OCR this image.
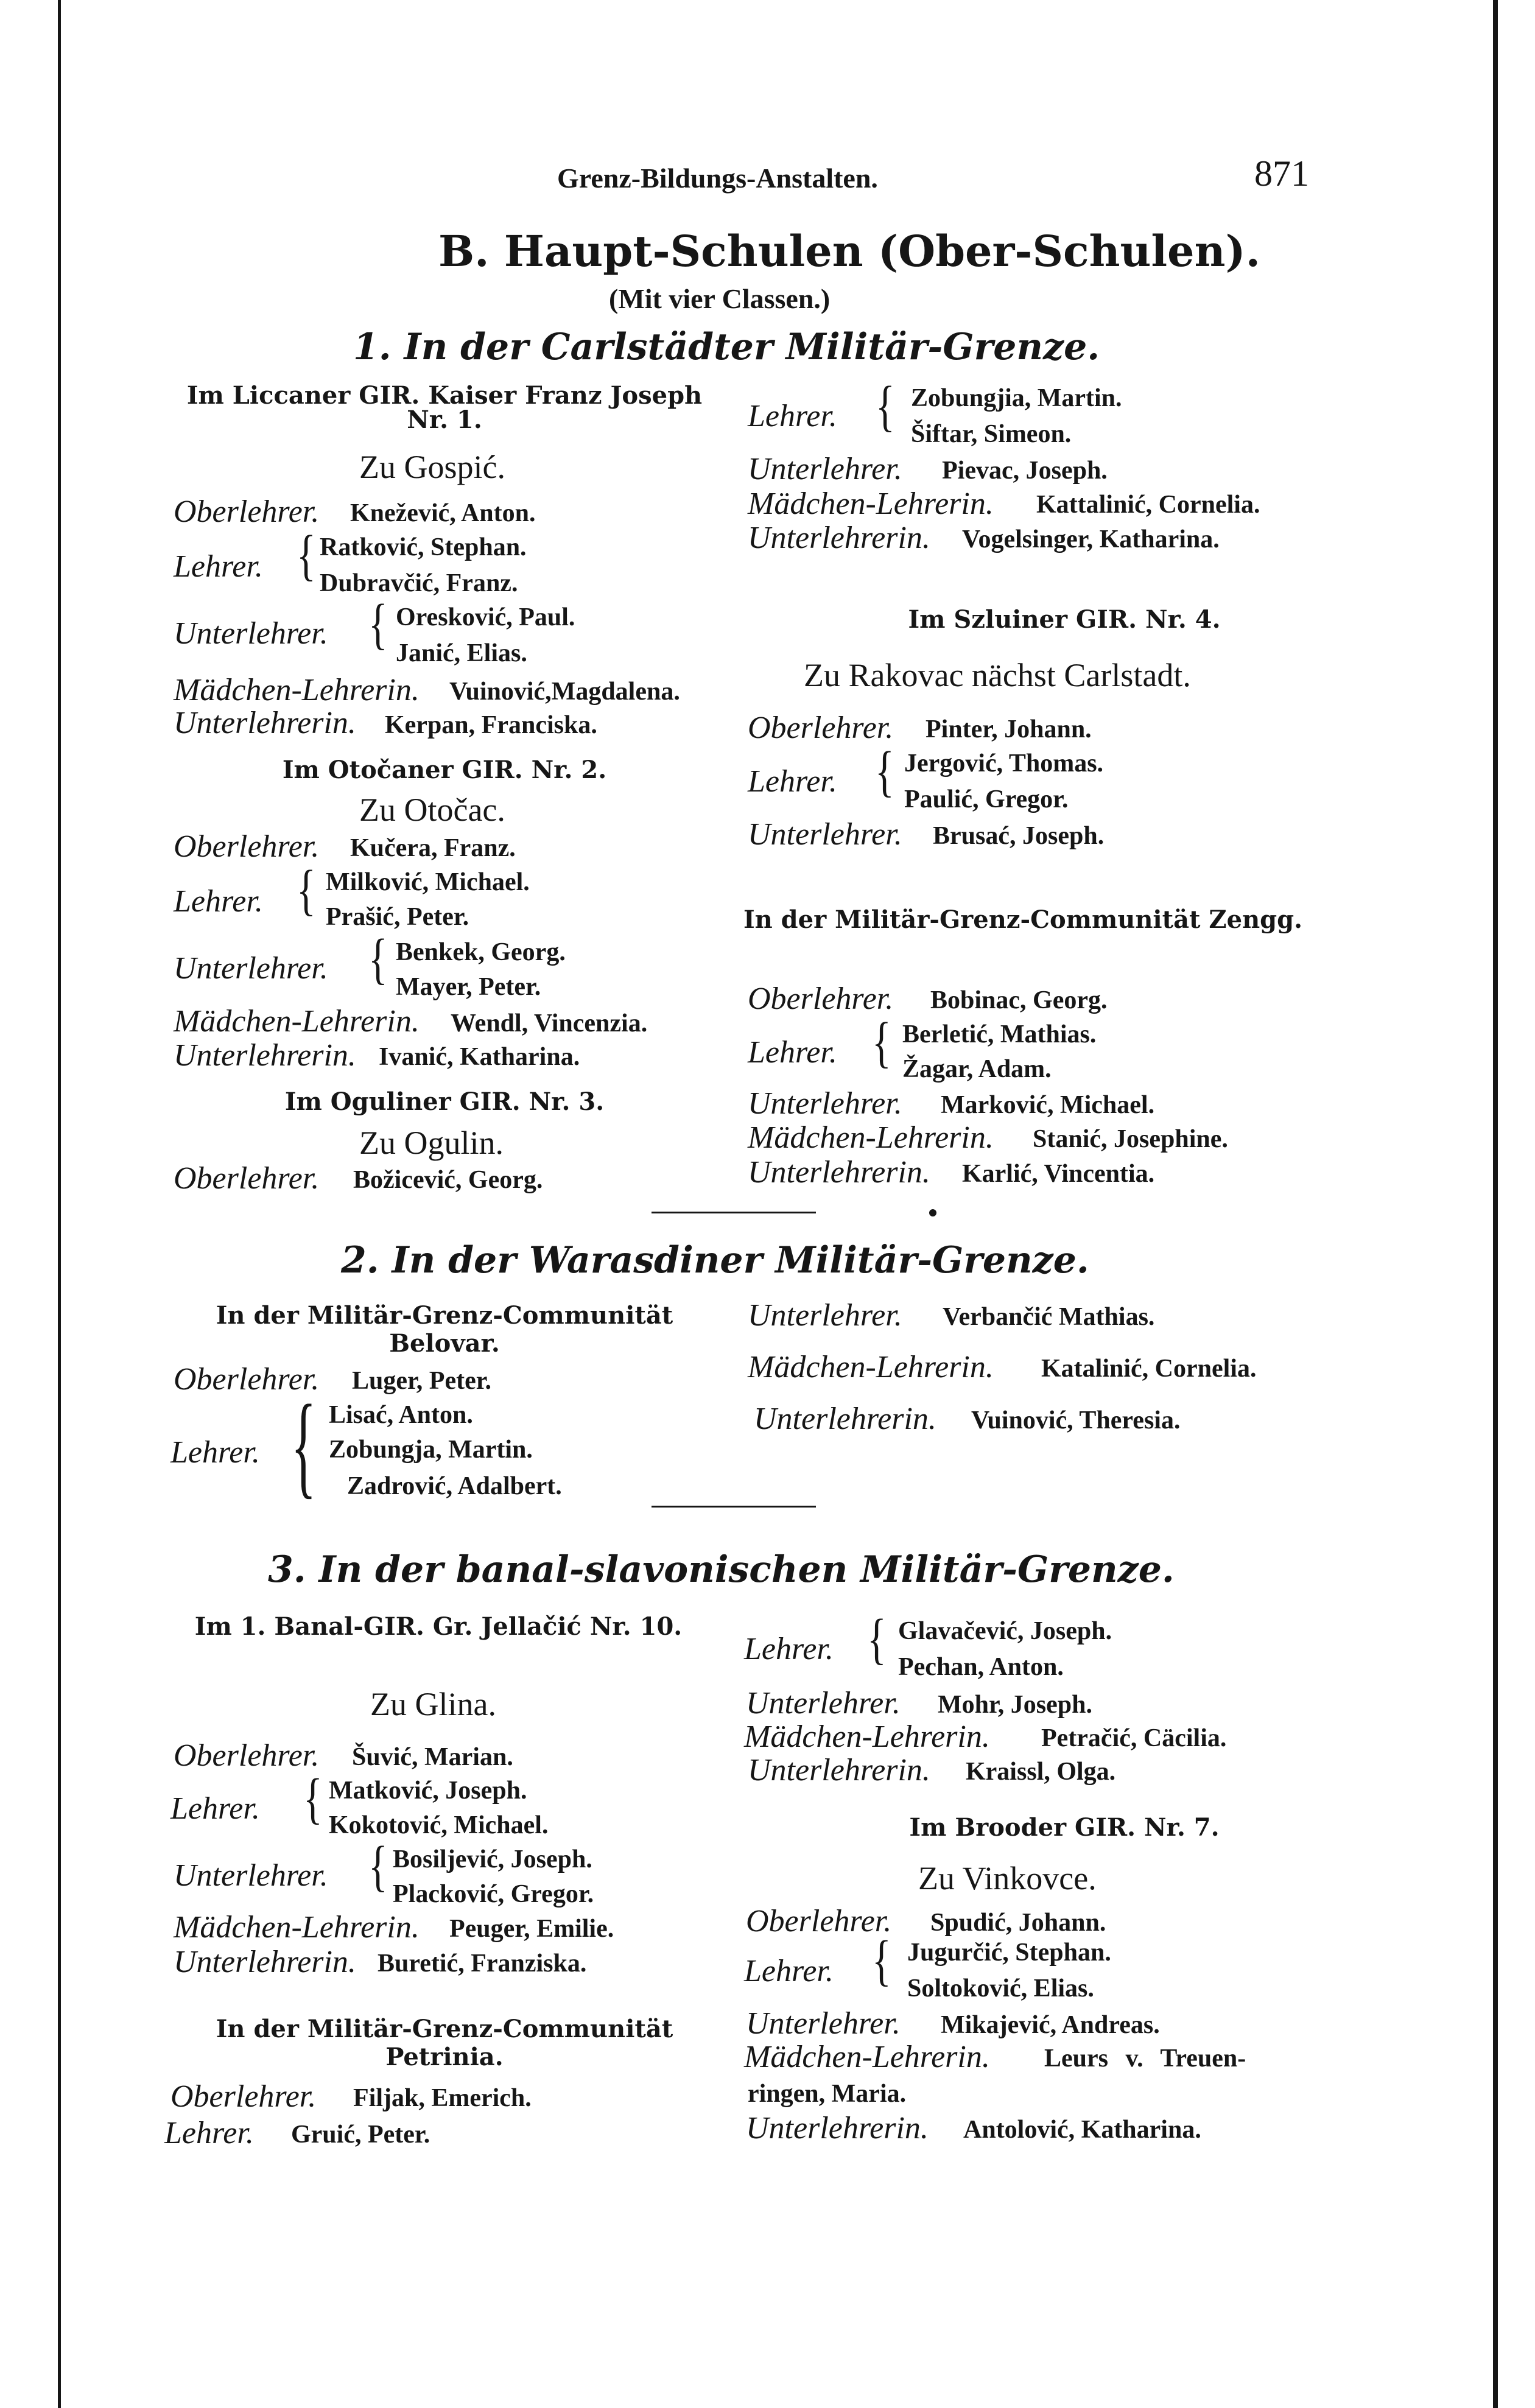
Grenz-Bildungs-Anstalten.	871
B. Haupt-Schulen (Ober-Schulen).
(Mit vier Classen.)
1. In der Carlstädter Militär-Grenze.
Im Liccaner GIR. Kaiser Franz Joseph Nr. 1.
Zu Gospić.
Oberlehrer. Knežević, Anton.
Lehrer. { Ratković, Stephan.
Dubravčić, Franz.
Unterlehrer. { Oresković, Paul.
Janić, Elias.
Mädchen-Lehrerin. Vuinović,Magdalena.
Unterlehrerin. Kerpan, Franciska.
Im Otočaner GIR. Nr. 2.
Zu Otočac.
Oberlehrer. Kučera, Franz.
Lehrer. { Milković, Michael.
Prašić, Peter.
Unterlehrer. { Benkek, Georg.
Mayer, Peter.
Mädchen-Lehrerin. Wendl, Vincenzia.
Unterlehrerin. Ivanić, Katharina.
Im Oguliner GIR. Nr. 3.
Zu Ogulin.
Oberlehrer. Božicević, Georg.
Lehrer. { Zobungjia, Martin.
Šiftar, Simeon.
Unterlehrer. Pievac, Joseph.
Mädchen-Lehrerin. Kattalinić, Cornelia.
Unterlehrerin. Vogelsinger, Katharina.
Im Szluiner GIR. Nr. 4.
Zu Rakovac nächst Carlstadt.
Oberlehrer. Pinter, Johann.
Lehrer. { Jergović, Thomas.
Paulić, Gregor.
Unterlehrer. Brusać, Joseph.
In der Militär-Grenz-Communität Zengg.
Oberlehrer. Bobinac, Georg.
Lehrer. { Berletić, Mathias.
Žagar, Adam.
Unterlehrer. Marković, Michael.
Mädchen-Lehrerin. Stanić, Josephine.
Unterlehrerin. Karlić, Vincentia.
2. In der Warasdiner Militär-Grenze.
In der Militär-Grenz-Communität Belovar.
Oberlehrer. Luger, Peter.
Lehrer. { Lisać, Anton.
Zobungja, Martin.
Zadrović, Adalbert.
Unterlehrer. Verbančić Mathias.
Mädchen-Lehrerin. Katalinić, Cornelia.
Unterlehrerin. Vuinović, Theresia.
3. In der banal-slavonischen Militär-Grenze.
Im 1. Banal-GIR. Gr. Jellačić Nr. 10.
Zu Glina.
Oberlehrer. Šuvić, Marian.
Lehrer. { Matković, Joseph.
Kokotović, Michael.
Unterlehrer. { Bosiljević, Joseph.
Placković, Gregor.
Mädchen-Lehrerin. Peuger, Emilie.
Unterlehrerin. Buretić, Franziska.
In der Militär-Grenz-Communität Petrinia.
Oberlehrer. Filjak, Emerich.
Lehrer. Gruić, Peter.
Lehrer. { Glavačević, Joseph.
Pechan, Anton.
Unterlehrer. Mohr, Joseph.
Mädchen-Lehrerin. Petračić, Cäcilia.
Unterlehrerin. Kraissl, Olga.
Im Brooder GIR. Nr. 7.
Zu Vinkovce.
Oberlehrer. Spudić, Johann.
Lehrer. { Jugurčić, Stephan.
Soltoković, Elias.
Unterlehrer. Mikajević, Andreas.
Mädchen-Lehrerin. Leurs v. Treuen-
ringen, Maria.
Unterlehrerin. Antolović, Katharina.
